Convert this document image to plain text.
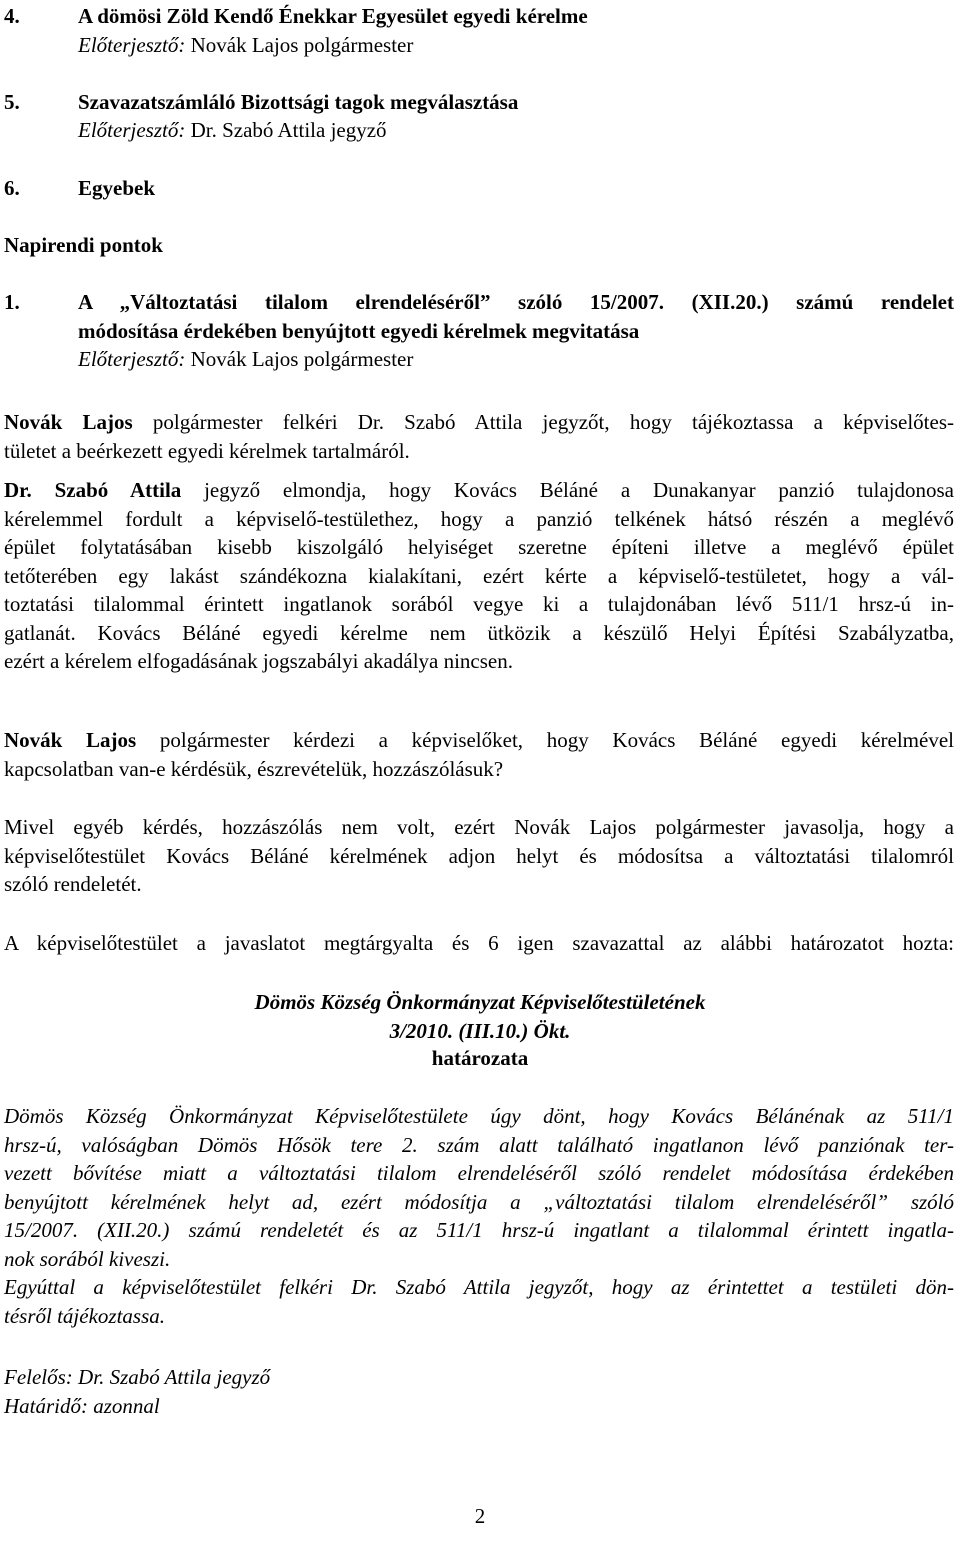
4.	A dömösi Zöld Kendő Énekkar Egyesület egyedi kérelme
Előterjesztő: Novák Lajos polgármester
5.	Szavazatszámláló Bizottsági tagok megválasztása
Előterjesztő: Dr. Szabó Attila jegyző
6.	Egyebek
Napirendi pontok
1.	A „Változtatási tilalom elrendeléséről” szóló 15/2007. (XII.20.) számú rendelet
módosítása érdekében benyújtott egyedi kérelmek megvitatása
Előterjesztő: Novák Lajos polgármester
Novák Lajos polgármester felkéri Dr. Szabó Attila jegyzőt, hogy tájékoztassa a képviselőtes-
tületet a beérkezett egyedi kérelmek tartalmáról.
Dr. Szabó Attila jegyző elmondja, hogy Kovács Béláné a Dunakanyar panzió tulajdonosa
kérelemmel fordult a képviselő-testülethez, hogy a panzió telkének hátsó részén a meglévő
épület folytatásában kisebb kiszolgáló helyiséget szeretne építeni illetve a meglévő épület
tetőterében egy lakást szándékozna kialakítani, ezért kérte a képviselő-testületet, hogy a vál-
toztatási tilalommal érintett ingatlanok sorából vegye ki a tulajdonában lévő 511/1 hrsz-ú in-
gatlanát. Kovács Béláné egyedi kérelme nem ütközik a készülő Helyi Építési Szabályzatba,
ezért a kérelem elfogadásának jogszabályi akadálya nincsen.
Novák Lajos polgármester kérdezi a képviselőket, hogy Kovács Béláné egyedi kérelmével
kapcsolatban van-e kérdésük, észrevételük, hozzászólásuk?
Mivel egyéb kérdés, hozzászólás nem volt, ezért Novák Lajos polgármester javasolja, hogy a
képviselőtestület Kovács Béláné kérelmének adjon helyt és módosítsa a változtatási tilalomról
szóló rendeletét.
A képviselőtestület a javaslatot megtárgyalta és 6 igen szavazattal az alábbi határozatot hozta:
Dömös Község Önkormányzat Képviselőtestületének
3/2010. (III.10.) Ökt.
határozata
Dömös Község Önkormányzat Képviselőtestülete úgy dönt, hogy Kovács Bélánénak az 511/1
hrsz-ú, valóságban Dömös Hősök tere 2. szám alatt található ingatlanon lévő panziónak ter-
vezett bővítése miatt a változtatási tilalom elrendeléséről szóló rendelet módosítása érdekében
benyújtott kérelmének helyt ad, ezért módosítja a „változtatási tilalom elrendeléséről” szóló
15/2007. (XII.20.) számú rendeletét és az 511/1 hrsz-ú ingatlant a tilalommal érintett ingatla-
nok sorából kiveszi.
Egyúttal a képviselőtestület felkéri Dr. Szabó Attila jegyzőt, hogy az érintettet a testületi dön-
tésről tájékoztassa.
Felelős: Dr. Szabó Attila jegyző
Határidő: azonnal
2
